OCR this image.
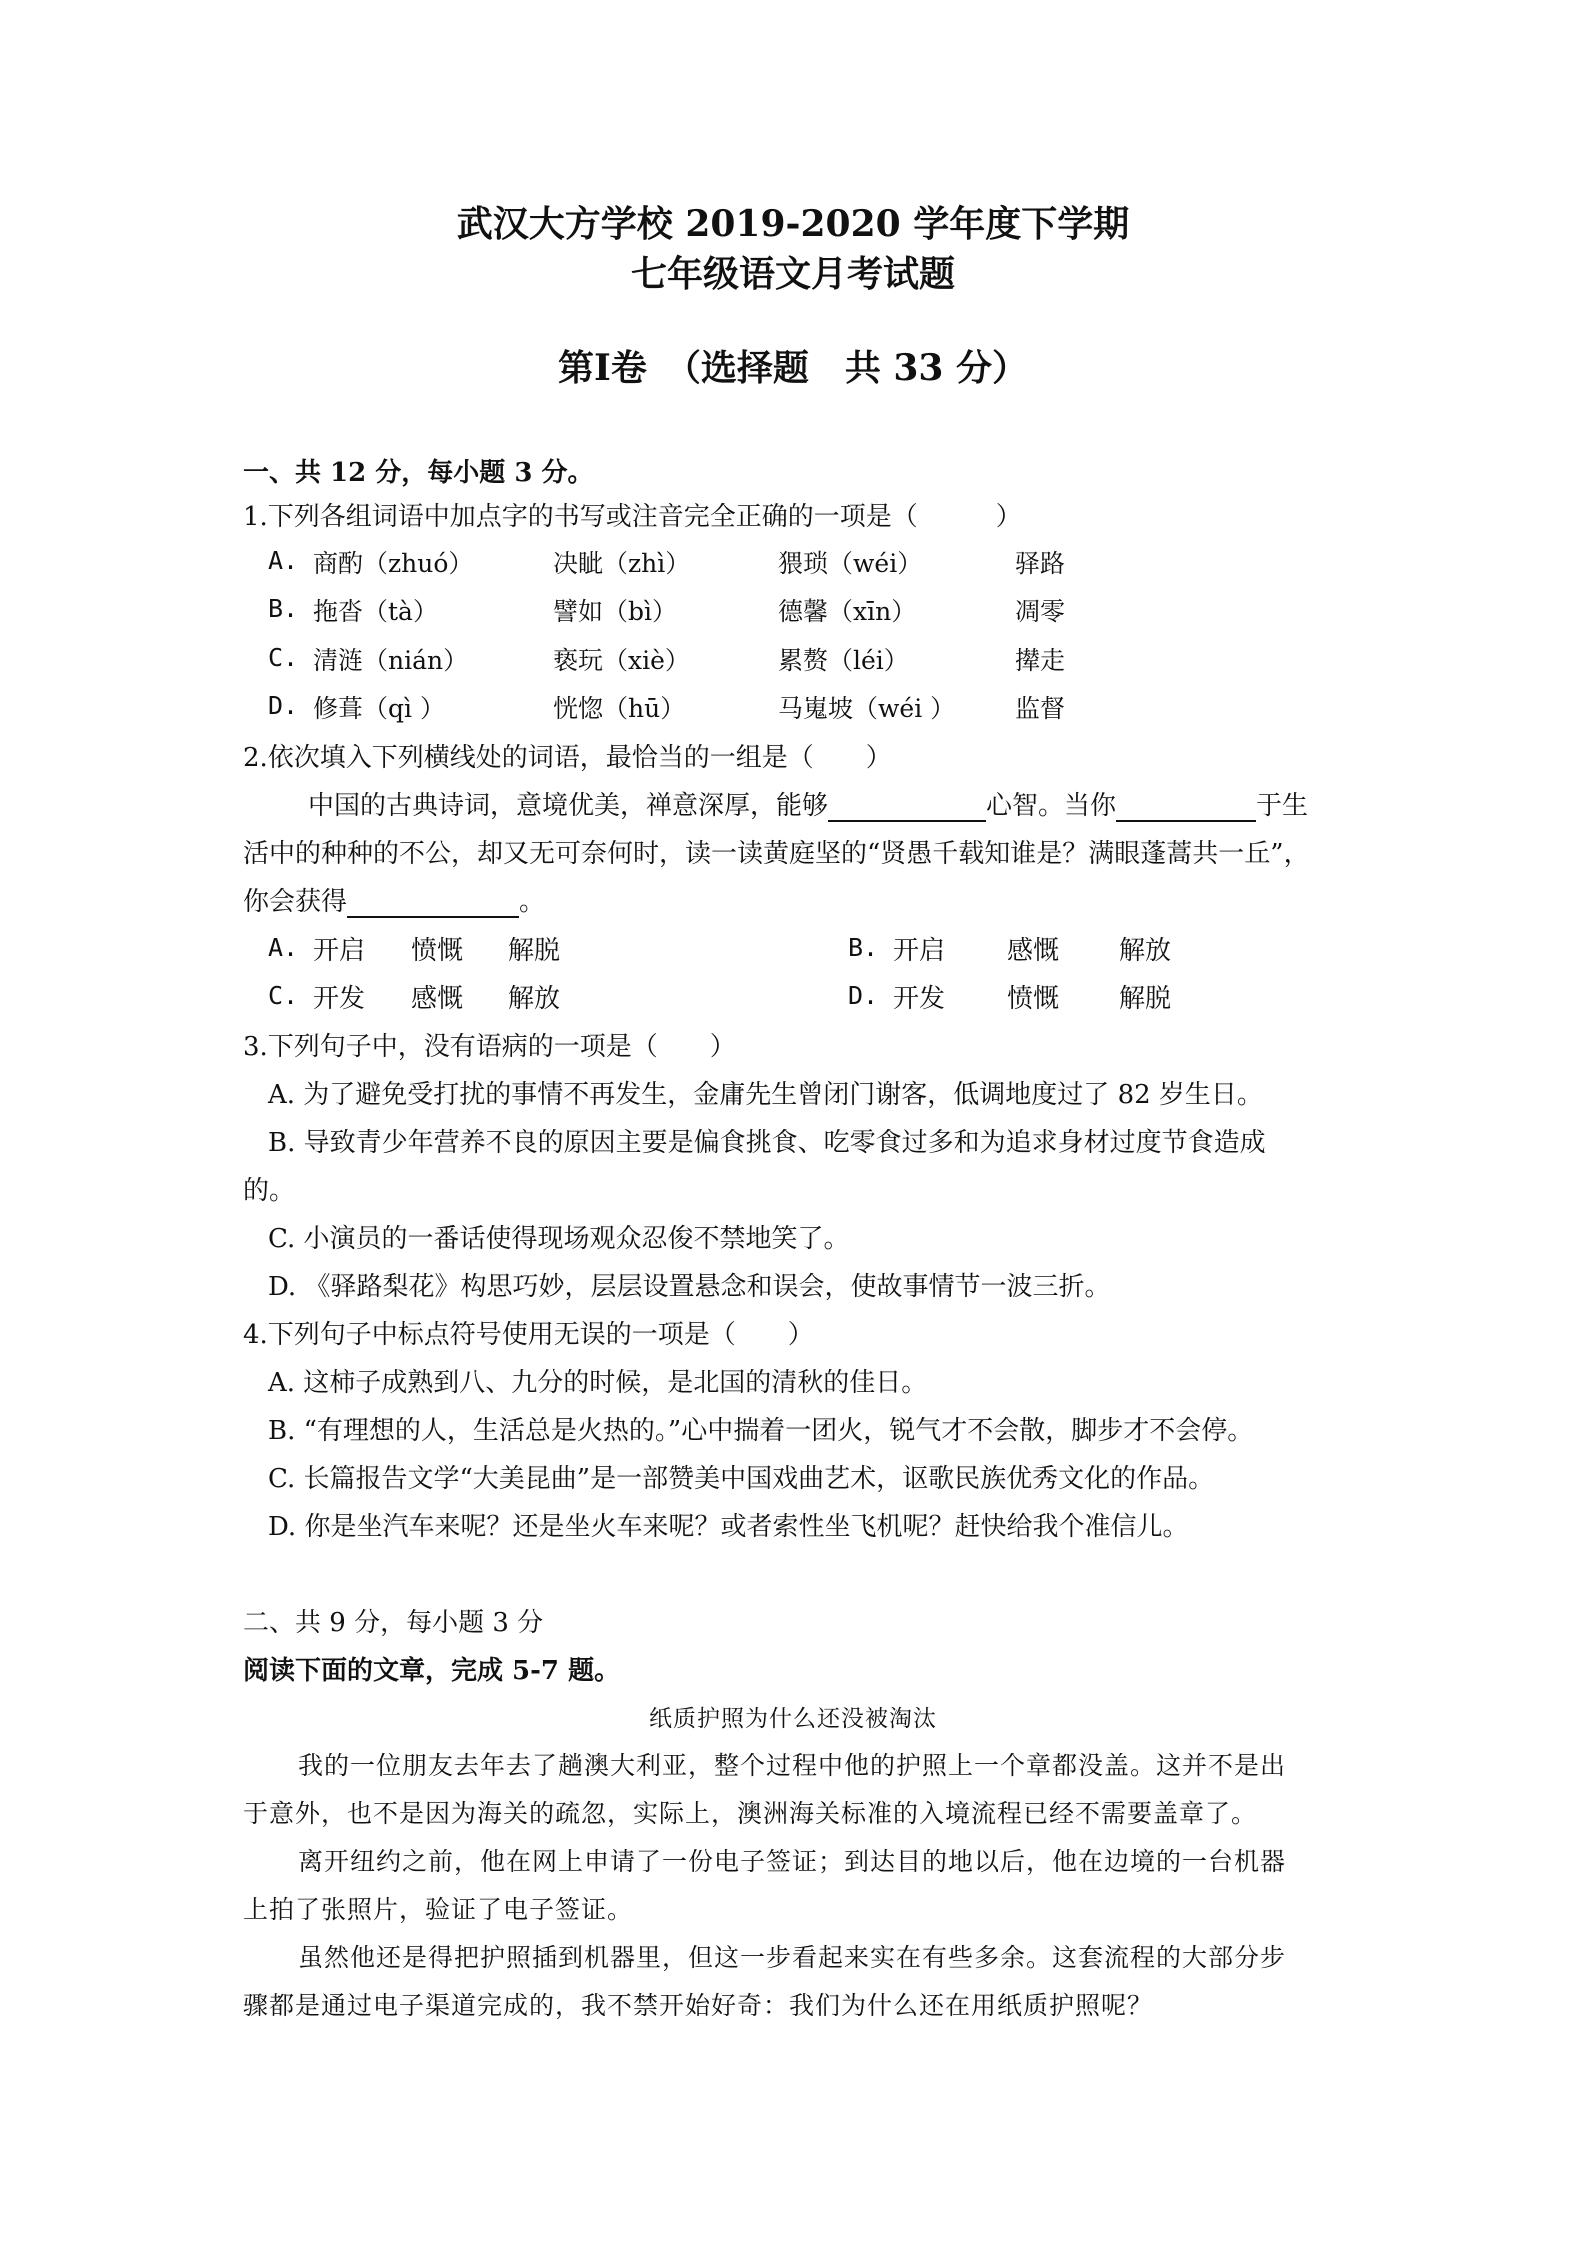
武汉大方学校 2019-2020 学年度下学期
七年级语文月考试题
第Ⅰ卷　（选择题　共 33 分）
一、共 12 分，每小题 3 分。
1.下列各组词语中加点字的书写或注音完全正确的一项是（　　　）
A. 商酌（zhuó）	决眦（zhì）	猥琐（wéi）	驿路
B. 拖沓（tà）	譬如（bì）	德馨（xīn）	凋零
C. 清涟（nián）	亵玩（xiè）	累赘（léi）	撵走
D. 修葺（qì ）	恍惚（hū）	马嵬坡（wéi ） 监督
2.依次填入下列横线处的词语，最恰当的一组是（　　）
中国的古典诗词，意境优美，禅意深厚，能够	心智。当你	于生
活中的种种的不公，却又无可奈何时，读一读黄庭坚的“贤愚千载知谁是？满眼蓬蒿共一丘”，
你会获得	。
A. 开启 愤慨 解脱	B. 开启 感慨 解放
C. 开发 感慨 解放	D. 开发 愤慨 解脱
3.下列句子中，没有语病的一项是（　　）
A. 为了避免受打扰的事情不再发生，金庸先生曾闭门谢客，低调地度过了 82 岁生日。
B. 导致青少年营养不良的原因主要是偏食挑食、吃零食过多和为追求身材过度节食造成
的。
C. 小演员的一番话使得现场观众忍俊不禁地笑了。
D. 《驿路梨花》构思巧妙，层层设置悬念和误会，使故事情节一波三折。
4.下列句子中标点符号使用无误的一项是（　　）
A. 这柿子成熟到八、九分的时候，是北国的清秋的佳日。
B. “有理想的人，生活总是火热的。”心中揣着一团火，锐气才不会散，脚步才不会停。
C. 长篇报告文学“大美昆曲”是一部赞美中国戏曲艺术，讴歌民族优秀文化的作品。
D. 你是坐汽车来呢？还是坐火车来呢？或者索性坐飞机呢？赶快给我个准信儿。
二、共 9 分，每小题 3 分
阅读下面的文章，完成 5-7 题。
纸质护照为什么还没被淘汰
我的一位朋友去年去了趟澳大利亚，整个过程中他的护照上一个章都没盖。这并不是出
于意外，也不是因为海关的疏忽，实际上，澳洲海关标准的入境流程已经不需要盖章了。
离开纽约之前，他在网上申请了一份电子签证；到达目的地以后，他在边境的一台机器
上拍了张照片，验证了电子签证。
虽然他还是得把护照插到机器里，但这一步看起来实在有些多余。这套流程的大部分步
骤都是通过电子渠道完成的，我不禁开始好奇：我们为什么还在用纸质护照呢？
